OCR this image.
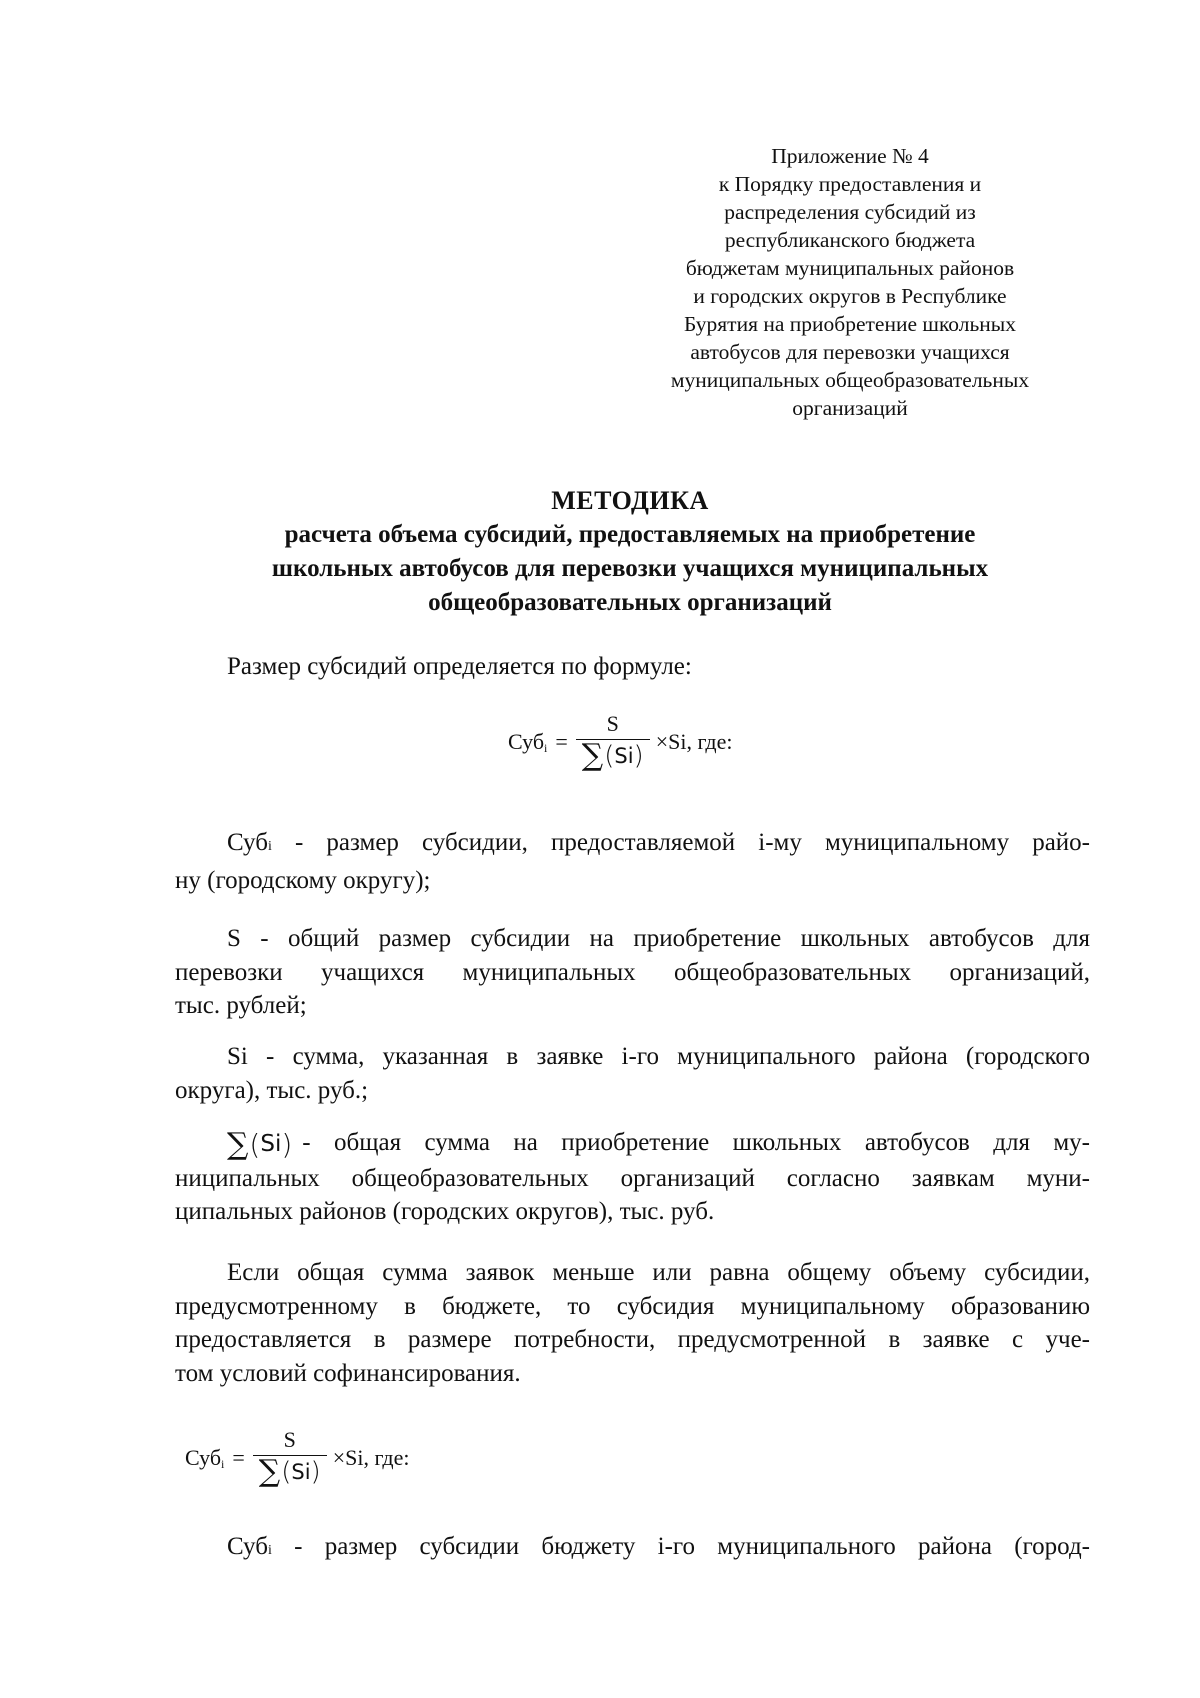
Приложение № 4
к Порядку предоставления и
распределения субсидий из
республиканского бюджета
бюджетам муниципальных районов
и городских округов в Республике
Бурятия на приобретение школьных
автобусов для перевозки учащихся
муниципальных общеобразовательных
организаций
МЕТОДИКА
расчета объема субсидий, предоставляемых на приобретение
школьных автобусов для перевозки учащихся муниципальных
общеобразовательных организаций
Размер субсидий определяется по формуле:
$Суб_i = \frac{S}{\sum ( Si )} \times Si$, где:
Субi - размер субсидии, предоставляемой i-му муниципальному райо-
ну (городскому округу);
S - общий размер субсидии на приобретение школьных автобусов для
перевозки учащихся муниципальных общеобразовательных организаций,
тыс. рублей;
Si - сумма, указанная в заявке i-го муниципального района (городского
округа), тыс. руб.;
∑ ( Si ) - общая сумма на приобретение школьных автобусов для му-
ниципальных общеобразовательных организаций согласно заявкам муни-
ципальных районов (городских округов), тыс. руб.
Если общая сумма заявок меньше или равна общему объему субсидии,
предусмотренному в бюджете, то субсидия муниципальному образованию
предоставляется в размере потребности, предусмотренной в заявке с уче-
том условий софинансирования.
$Суб_i = \frac{S}{\sum ( Si )} \times Si$, где:
Субi - размер субсидии бюджету i-го муниципального района (город-
